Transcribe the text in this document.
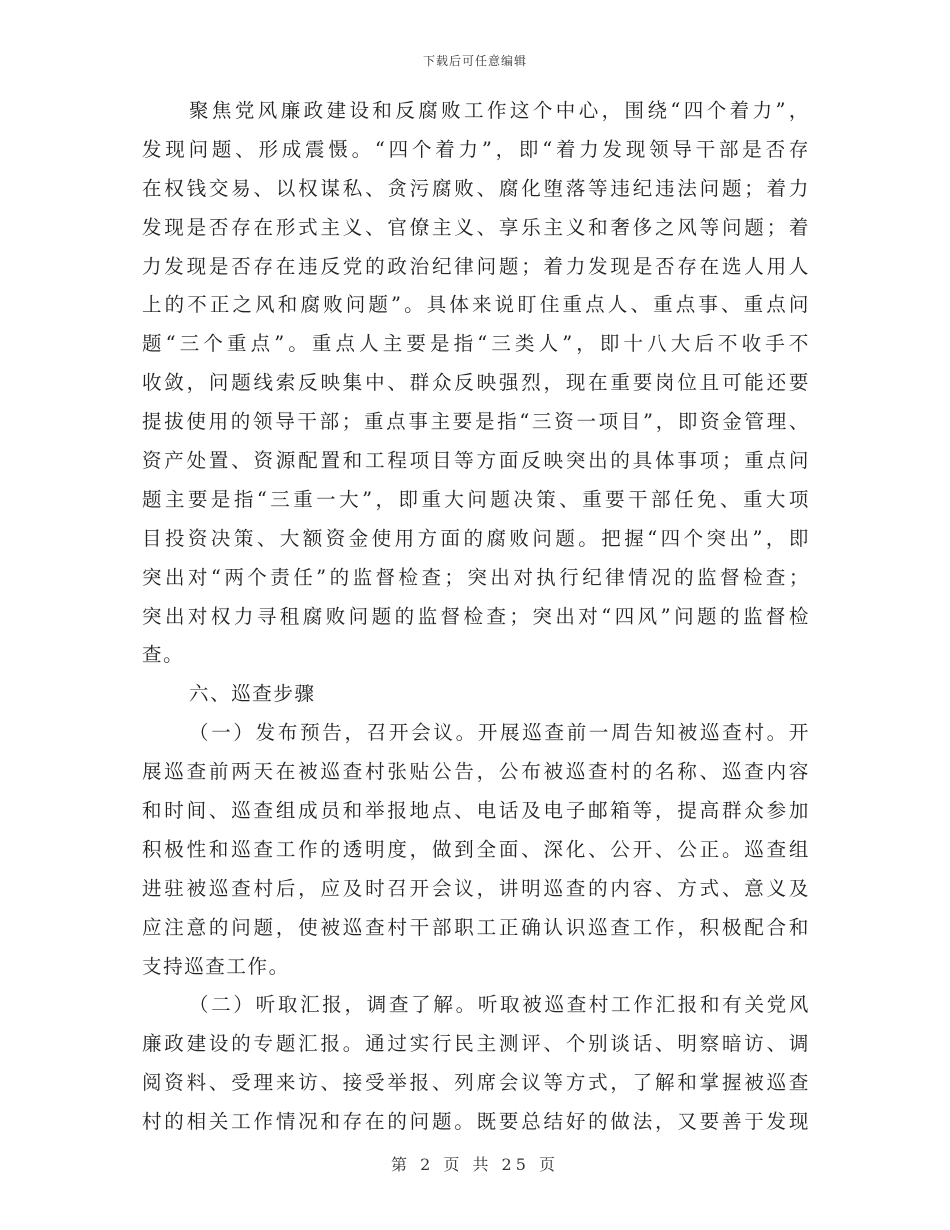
下载后可任意编辑
聚焦党风廉政建设和反腐败工作这个中心，围绕“四个着力”，
发现问题、形成震慑。“四个着力”，即“着力发现领导干部是否存
在权钱交易、以权谋私、贪污腐败、腐化堕落等违纪违法问题；着力
发现是否存在形式主义、官僚主义、享乐主义和奢侈之风等问题；着
力发现是否存在违反党的政治纪律问题；着力发现是否存在选人用人
上的不正之风和腐败问题”。具体来说盯住重点人、重点事、重点问
题“三个重点”。重点人主要是指“三类人”，即十八大后不收手不
收敛，问题线索反映集中、群众反映强烈，现在重要岗位且可能还要
提拔使用的领导干部；重点事主要是指“三资一项目”，即资金管理、
资产处置、资源配置和工程项目等方面反映突出的具体事项；重点问
题主要是指“三重一大”，即重大问题决策、重要干部任免、重大项
目投资决策、大额资金使用方面的腐败问题。把握“四个突出”，即
突出对“两个责任”的监督检查；突出对执行纪律情况的监督检查；
突出对权力寻租腐败问题的监督检查；突出对“四风”问题的监督检
查。
六、巡查步骤
（一）发布预告，召开会议。开展巡查前一周告知被巡查村。开
展巡查前两天在被巡查村张贴公告，公布被巡查村的名称、巡查内容
和时间、巡查组成员和举报地点、电话及电子邮箱等，提高群众参加
积极性和巡查工作的透明度，做到全面、深化、公开、公正。巡查组
进驻被巡查村后，应及时召开会议，讲明巡查的内容、方式、意义及
应注意的问题，使被巡查村干部职工正确认识巡查工作，积极配合和
支持巡查工作。
（二）听取汇报，调查了解。听取被巡查村工作汇报和有关党风
廉政建设的专题汇报。通过实行民主测评、个别谈话、明察暗访、调
阅资料、受理来访、接受举报、列席会议等方式，了解和掌握被巡查
村的相关工作情况和存在的问题。既要总结好的做法，又要善于发现
第 2 页 共 25 页
